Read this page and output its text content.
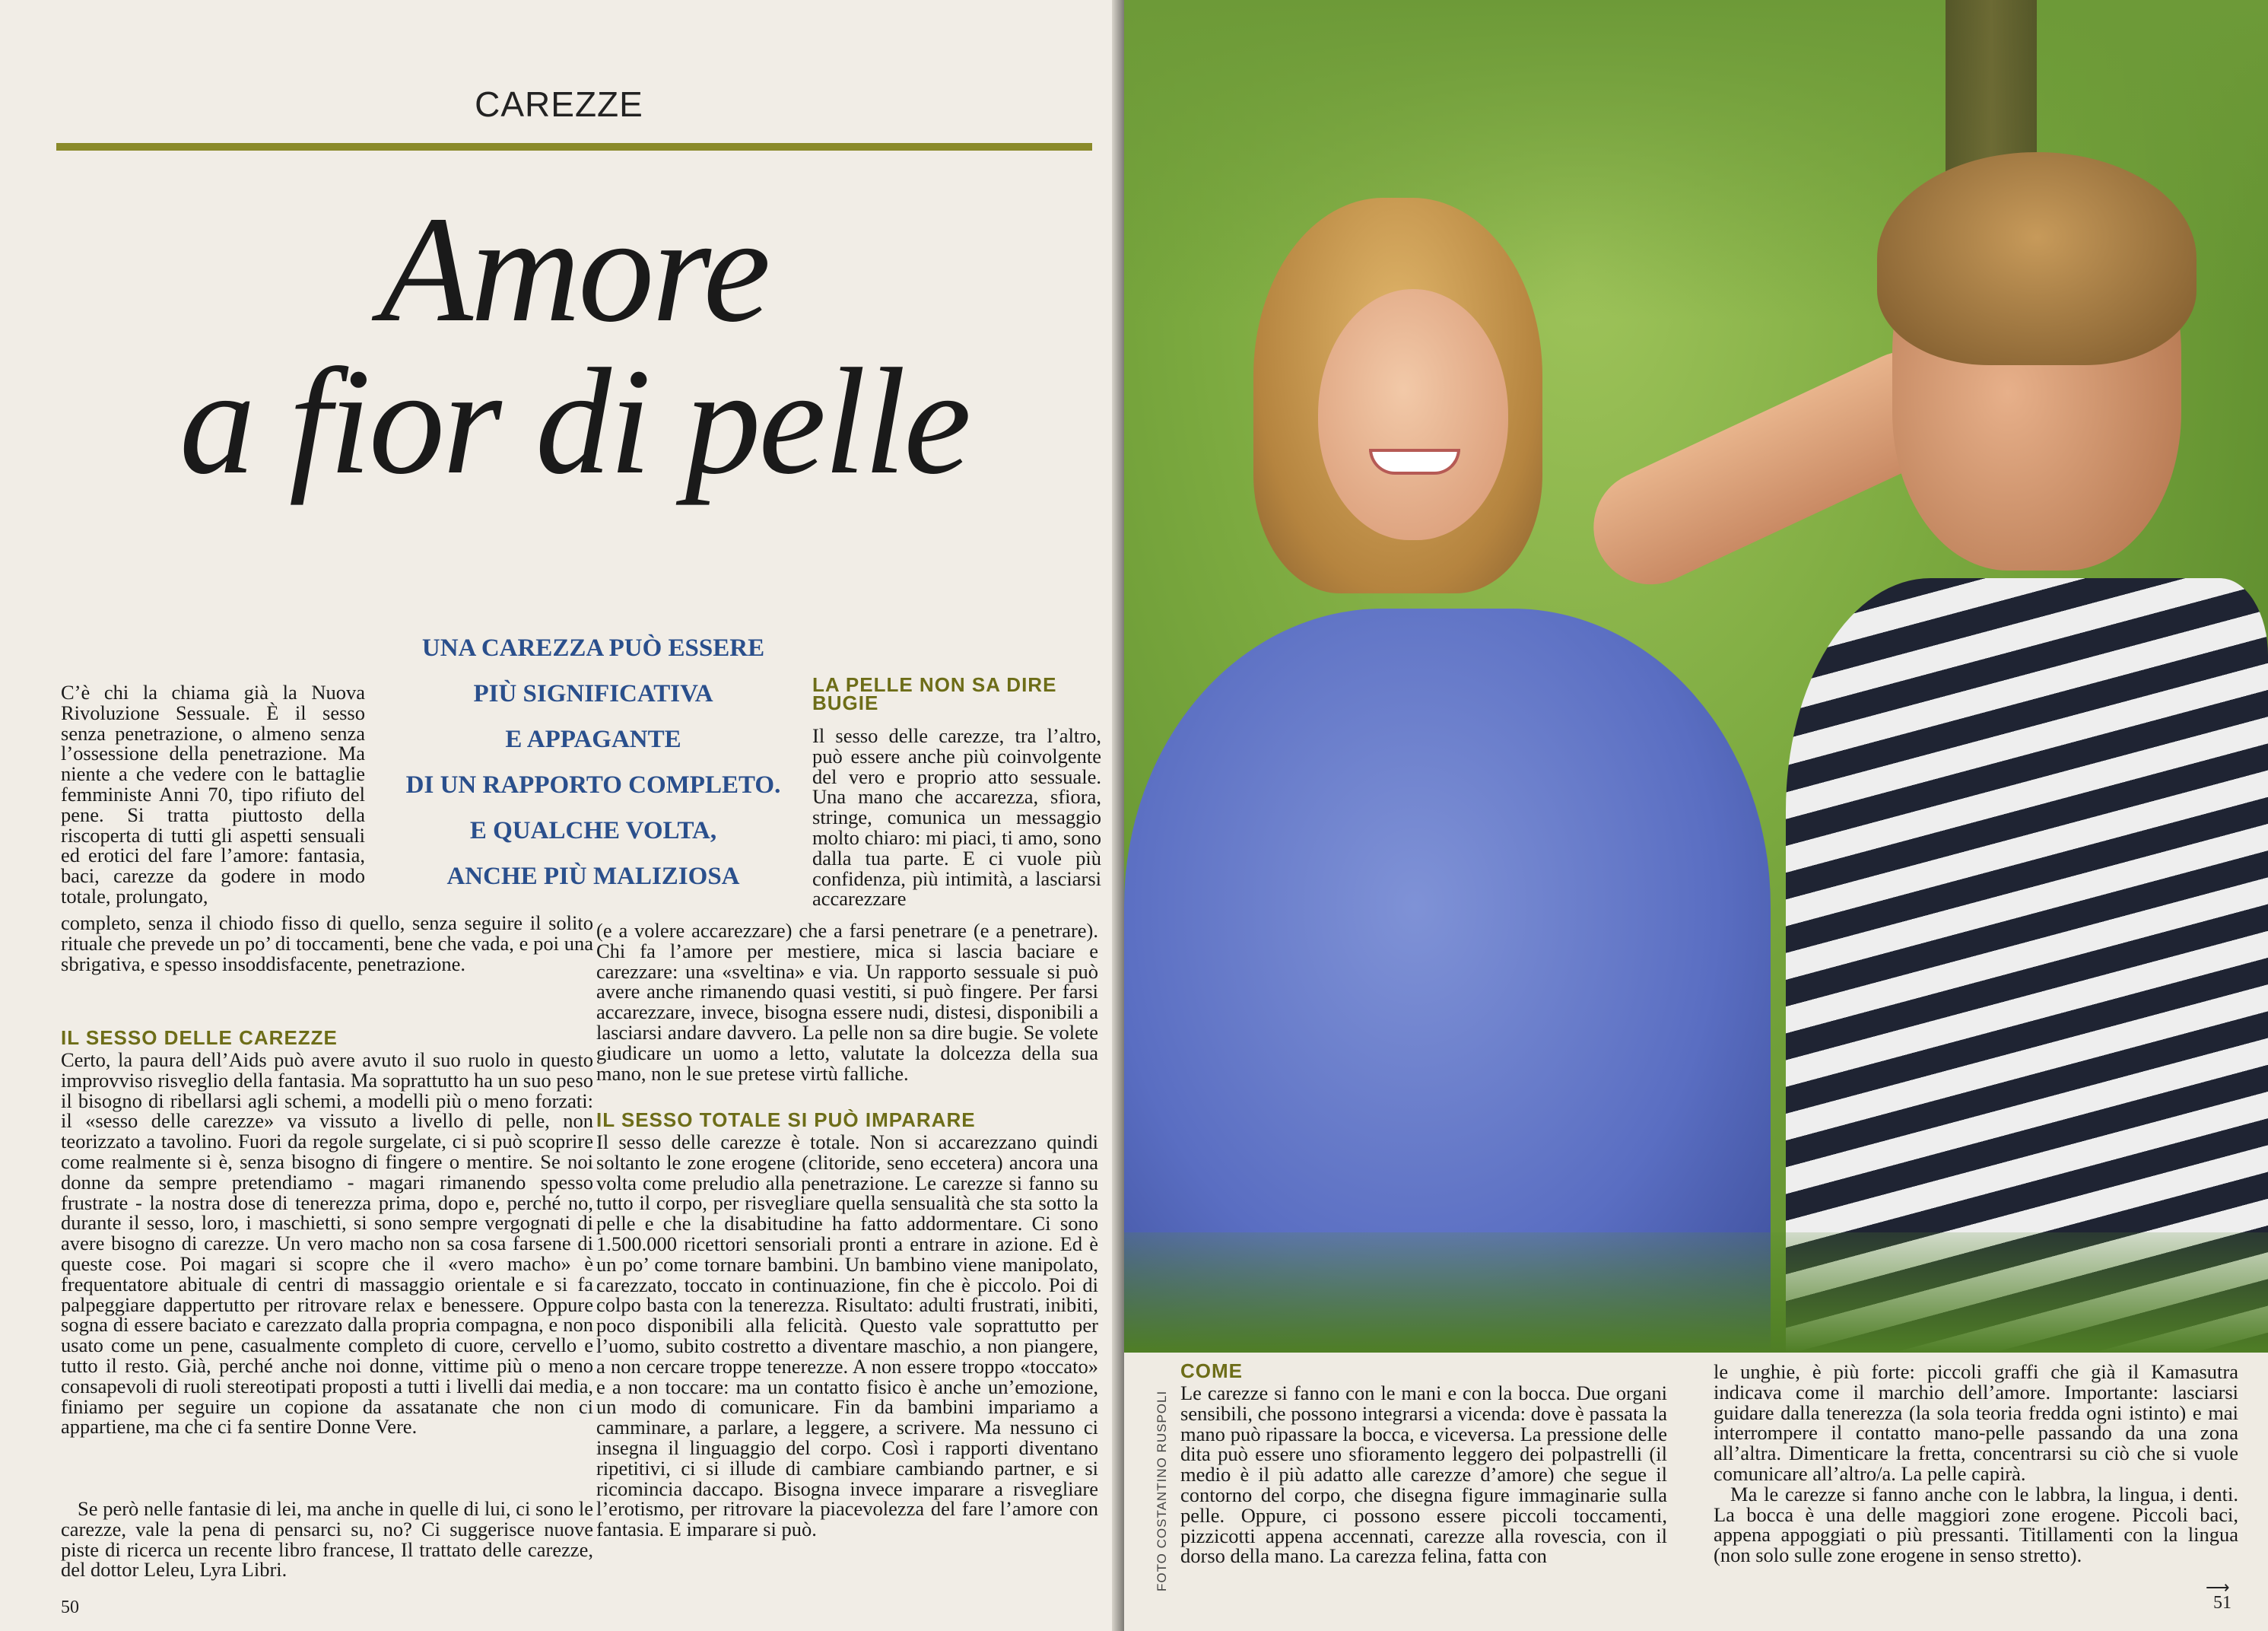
CAREZZE
Amore
a fior di pelle
UNA CAREZZA PUÒ ESSERE
PIÙ SIGNIFICATIVA
E APPAGANTE
DI UN RAPPORTO COMPLETO.
E QUALCHE VOLTA,
ANCHE PIÙ MALIZIOSA

C’è chi la chiama già la Nuova Rivoluzione Sessuale. È il sesso senza penetrazione, o almeno senza l’ossessione della penetrazione. Ma niente a che vedere con le battaglie femministe Anni 70, tipo rifiuto del pene. Si tratta piuttosto della riscoperta di tutti gli aspetti sensuali ed erotici del fare l’amore: fantasia, baci, carezze da godere in modo totale, prolungato,

completo, senza il chiodo fisso di quello, senza seguire il solito rituale che prevede un po’ di toccamenti, bene che vada, e poi una sbrigativa, e spesso insoddisfacente, penetrazione.

IL SESSO DELLE CAREZZE

Certo, la paura dell’Aids può avere avuto il suo ruolo in questo improvviso risveglio della fantasia. Ma soprattutto ha un suo peso il bisogno di ribellarsi agli schemi, a modelli più o meno forzati: il «sesso delle carezze» va vissuto a livello di pelle, non teorizzato a tavolino. Fuori da regole surgelate, ci si può scoprire come realmente si è, senza bisogno di fingere o mentire. Se noi donne da sempre pretendiamo - magari rimanendo spesso frustrate - la nostra dose di tenerezza prima, dopo e, perché no, durante il sesso, loro, i maschietti, si sono sempre vergognati di avere bisogno di carezze. Un vero macho non sa cosa farsene di queste cose. Poi magari si scopre che il «vero macho» è frequentatore abituale di centri di massaggio orientale e si fa palpeggiare dappertutto per ritrovare relax e benessere. Oppure sogna di essere baciato e carezzato dalla propria compagna, e non usato come un pene, casualmente completo di cuore, cervello e tutto il resto. Già, perché anche noi donne, vittime più o meno consapevoli di ruoli stereotipati proposti a tutti i livelli dai media, finiamo per seguire un copione da assatanate che non ci appartiene, ma che ci fa sentire Donne Vere.

Se però nelle fantasie di lei, ma anche in quelle di lui, ci sono le carezze, vale la pena di pensarci su, no? Ci suggerisce nuove piste di ricerca un recente libro francese, Il trattato delle carezze, del dottor Leleu, Lyra Libri.

LA PELLE NON SA DIRE BUGIE

Il sesso delle carezze, tra l’altro, può essere anche più coinvolgente del vero e proprio atto sessuale. Una mano che accarezza, sfiora, stringe, comunica un messaggio molto chiaro: mi piaci, ti amo, sono dalla tua parte. E ci vuole più confidenza, più intimità, a lasciarsi accarezzare

(e a volere accarezzare) che a farsi penetrare (e a penetrare). Chi fa l’amore per mestiere, mica si lascia baciare e carezzare: una «sveltina» e via. Un rapporto sessuale si può avere anche rimanendo quasi vestiti, si può fingere. Per farsi accarezzare, invece, bisogna essere nudi, distesi, disponibili a lasciarsi andare davvero. La pelle non sa dire bugie. Se volete giudicare un uomo a letto, valutate la dolcezza della sua mano, non le sue pretese virtù falliche.

IL SESSO TOTALE SI PUÒ IMPARARE

Il sesso delle carezze è totale. Non si accarezzano quindi soltanto le zone erogene (clitoride, seno eccetera) ancora una volta come preludio alla penetrazione. Le carezze si fanno su tutto il corpo, per risvegliare quella sensualità che sta sotto la pelle e che la disabitudine ha fatto addormentare. Ci sono 1.500.000 ricettori sensoriali pronti a entrare in azione. Ed è un po’ come tornare bambini. Un bambino viene manipolato, carezzato, toccato in continuazione, fin che è piccolo. Poi di colpo basta con la tenerezza. Risultato: adulti frustrati, inibiti, poco disponibili alla felicità. Questo vale soprattutto per l’uomo, subito costretto a diventare maschio, a non piangere, a non cercare troppe tenerezze. A non essere troppo «toccato» e a non toccare: ma un contatto fisico è anche un’emozione, un modo di comunicare. Fin da bambini impariamo a camminare, a parlare, a leggere, a scrivere. Ma nessuno ci insegna il linguaggio del corpo. Così i rapporti diventano ripetitivi, ci si illude di cambiare cambiando partner, e si ricomincia daccapo. Bisogna invece imparare a risvegliare l’erotismo, per ritrovare la piacevolezza del fare l’amore con fantasia. E imparare si può.

50
FOTO COSTANTINO RUSPOLI
COME

Le carezze si fanno con le mani e con la bocca. Due organi sensibili, che possono integrarsi a vicenda: dove è passata la mano può ripassare la bocca, e viceversa. La pressione delle dita può essere uno sfioramento leggero dei polpastrelli (il medio è il più adatto alle carezze d’amore) che segue il contorno del corpo, che disegna figure immaginarie sulla pelle. Oppure, ci possono essere piccoli toccamenti, pizzicotti appena accennati, carezze alla rovescia, con il dorso della mano. La carezza felina, fatta con

le unghie, è più forte: piccoli graffi che già il Kamasutra indicava come il marchio dell’amore. Importante: lasciarsi guidare dalla tenerezza (la sola teoria fredda ogni istinto) e mai interrompere il contatto mano-pelle passando da una zona all’altra. Dimenticare la fretta, concentrarsi su ciò che si vuole comunicare all’altro/a. La pelle capirà.

Ma le carezze si fanno anche con le labbra, la lingua, i denti. La bocca è una delle maggiori zone erogene. Piccoli baci, appena appoggiati o più pressanti. Titillamenti con la lingua (non solo sulle zone erogene in senso stretto).

⟶
51
